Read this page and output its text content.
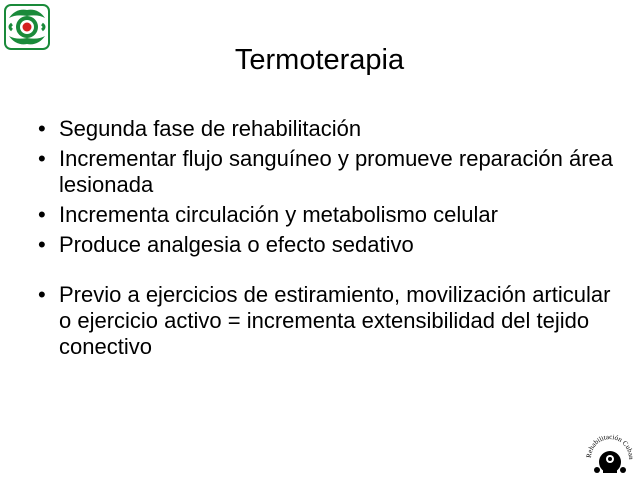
Termoterapia
• Segunda fase de rehabilitación
• Incrementar flujo sanguíneo y promueve reparación área lesionada
• Incrementa circulación y metabolismo celular
• Produce analgesia o efecto sedativo
• Previo a ejercicios de estiramiento, movilización articular o ejercicio activo = incrementa extensibilidad del tejido conectivo
Rehabilitación Cuban
